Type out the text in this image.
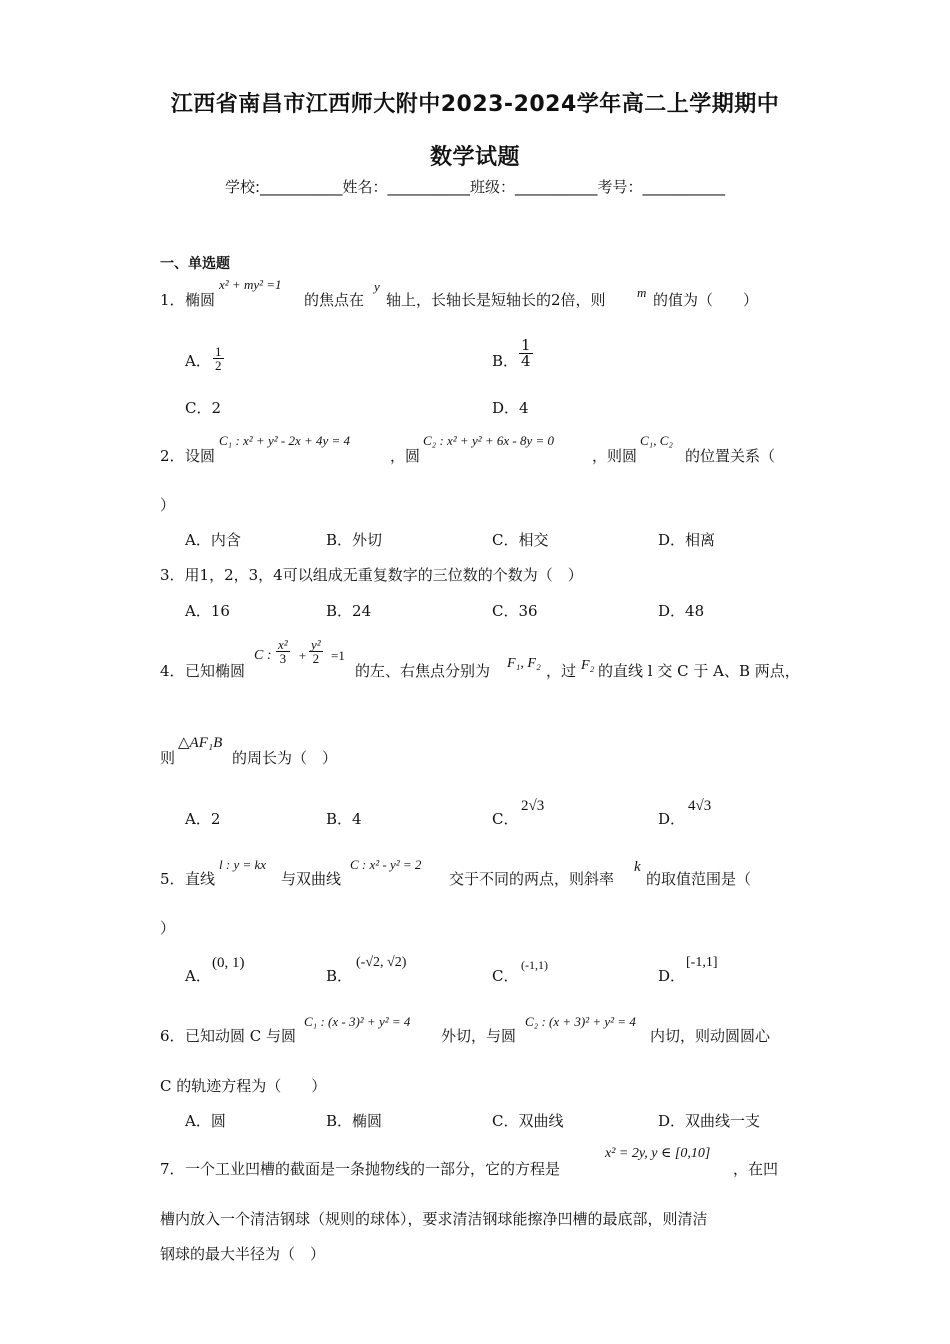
江西省南昌市江西师大附中2023-2024学年高二上学期期中
数学试题
学校:___________姓名：___________班级：___________考号：___________
一、单选题
1． 椭圆
x² + my² =1
的焦点在
y
轴上，长轴长是短轴长的2倍，则 m 的值为（　　）
A． $\frac{1}{2}$	B． $\frac{1}{4}$
C．2	D．4
2． 设圆
C₁ : x² + y² - 2x + 4y = 4
，圆
C₂ : x² + y² + 6x - 8y = 0
，则圆
C₁, C₂
的位置关系（
）
A．内含	B．外切	C．相交	D．相离
3．用1，2，3，4可以组成无重复数字的三位数的个数为（　）
A．16	B．24	C．36	D．48
4． 已知椭圆
C : $\frac{\text{x²}}{3} + \frac{\text{y²}}{2} =1$
的左、右焦点分别为 F₁, F₂ ，过 F₂ 的直线 l 交 C 于 A、B 两点，
则
△AF₁B
的周长为（　）
A．2	B．4	C．
2√3
D．
4√3
5． 直线
l : y = kx
与双曲线
C : x² - y² = 2
交于不同的两点，则斜率
k
的取值范围是（
）
A．
(0, 1)
B．
(-√2, √2)
C．
(-1,1)
D．
[-1,1]
6． 已知动圆 C 与圆
C₁ : (x - 3)² + y² = 4
外切，与圆
C₂ : (x + 3)² + y² = 4
内切，则动圆圆心
C 的轨迹方程为（　　）
A．圆	B．椭圆	C．双曲线	D．双曲线一支
7． 一个工业凹槽的截面是一条抛物线的一部分，它的方程是
x² = 2y, y ∈ [0,10]
，在凹
槽内放入一个清洁钢球（规则的球体），要求清洁钢球能擦净凹槽的最底部，则清洁
钢球的最大半径为（　）
